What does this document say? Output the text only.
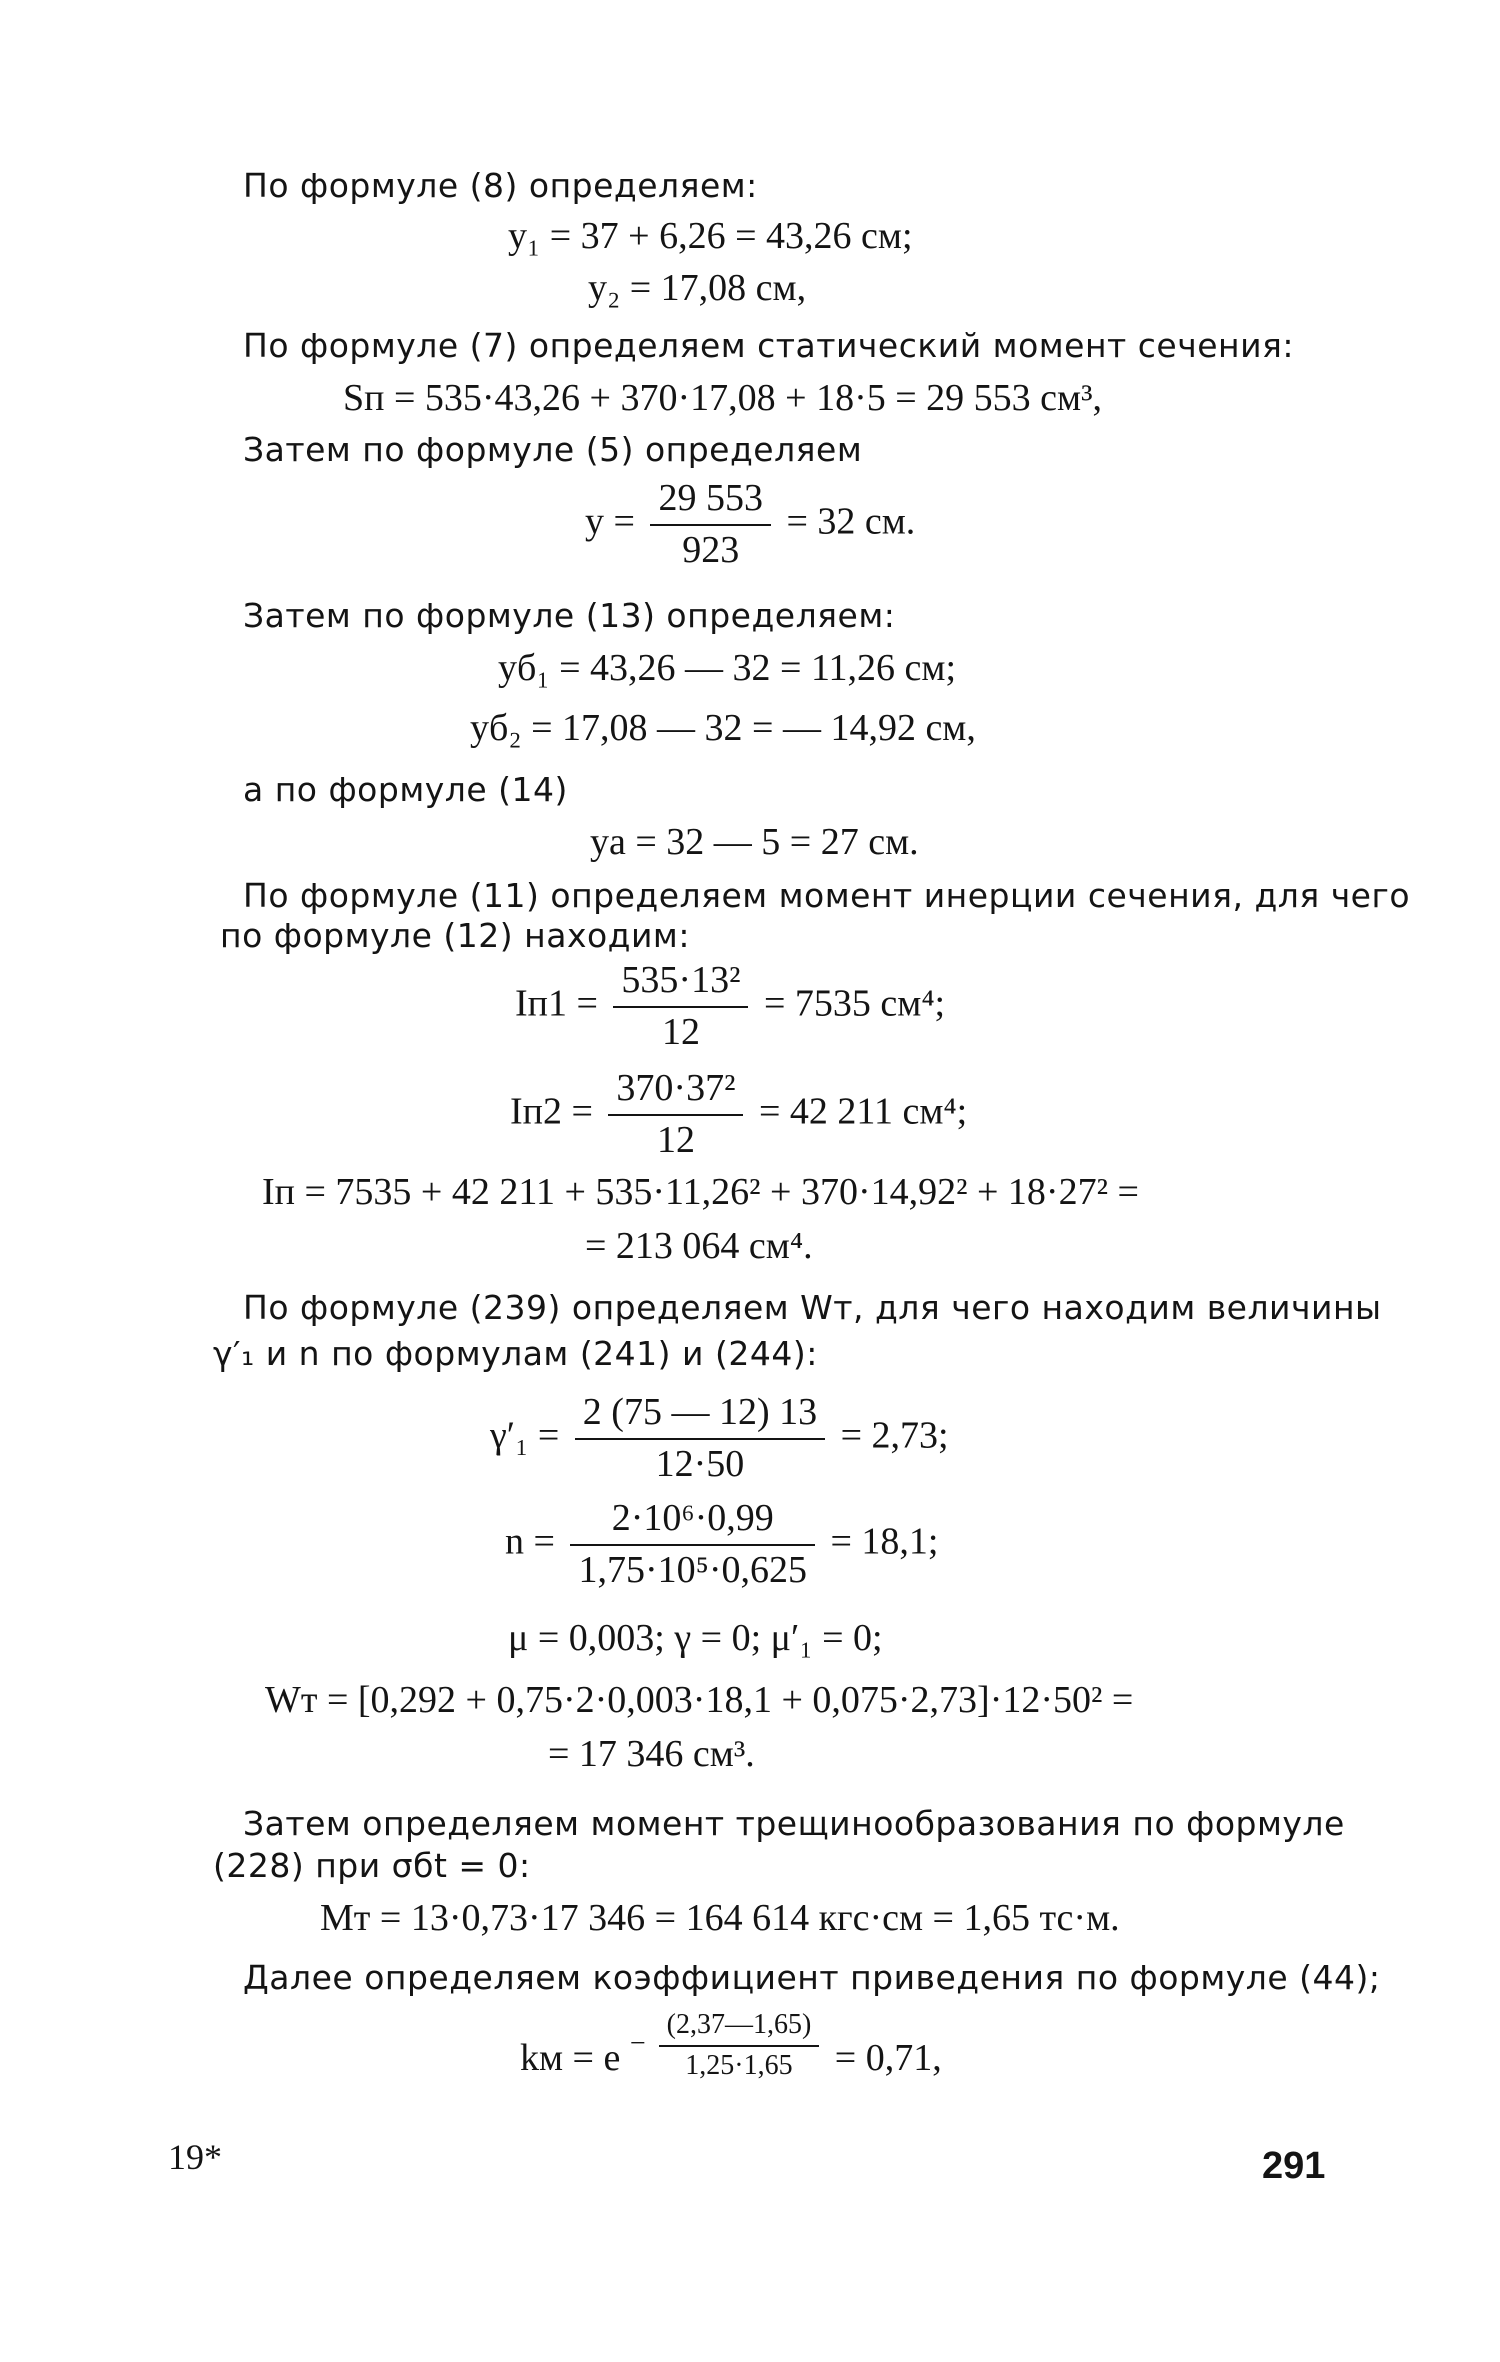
По формуле (8) определяем:
y₁ = 37 + 6,26 = 43,26 см;
y₂ = 17,08 см,
По формуле (7) определяем статический момент сечения:
Sп = 535·43,26 + 370·17,08 + 18·5 = 29 553 см³,
Затем по формуле (5) определяем
$y = \frac{29 553}{923} = 32$ см.
Затем по формуле (13) определяем:
yб₁ = 43,26 — 32 = 11,26 см;
yб₂ = 17,08 — 32 = — 14,92 см,
а по формуле (14)
yа = 32 — 5 = 27 см.
По формуле (11) определяем момент инерции сечения, для чего
по формуле (12) находим:
$Iп1 = \frac{\text{535·13²}}{12} = 7535$ см⁴;
$Iп2 = \frac{\text{370·37²}}{12} = 42$ 211 см⁴;
Iп = 7535 + 42 211 + 535·11,26² + 370·14,92² + 18·27² =
= 213 064 см⁴.
По формуле (239) определяем Wт, для чего находим величины
γ′₁ и n по формулам (241) и (244):
$\gamma'_1 = \frac{2 (75 — 12) 13}{12\cdot 50} = 2,73$;
$n = \frac{\text{2·10⁶·0,99}}{\text{1,75·10⁵·0,625}} = 18,1$;
μ = 0,003; γ = 0; μ′₁ = 0;
Wт = [0,292 + 0,75·2·0,003·18,1 + 0,075·2,73]·12·50² =
= 17 346 см³.
Затем определяем момент трещинообразования по формуле
(228) при σбt = 0:
Mт = 13·0,73·17 346 = 164 614 кгс·см = 1,65 тс·м.
Далее определяем коэффициент приведения по формуле (44);
kм = $e - \frac{(2,37—1,65)}{1,25\cdot 1,65} = 0,71$,
19*	291
